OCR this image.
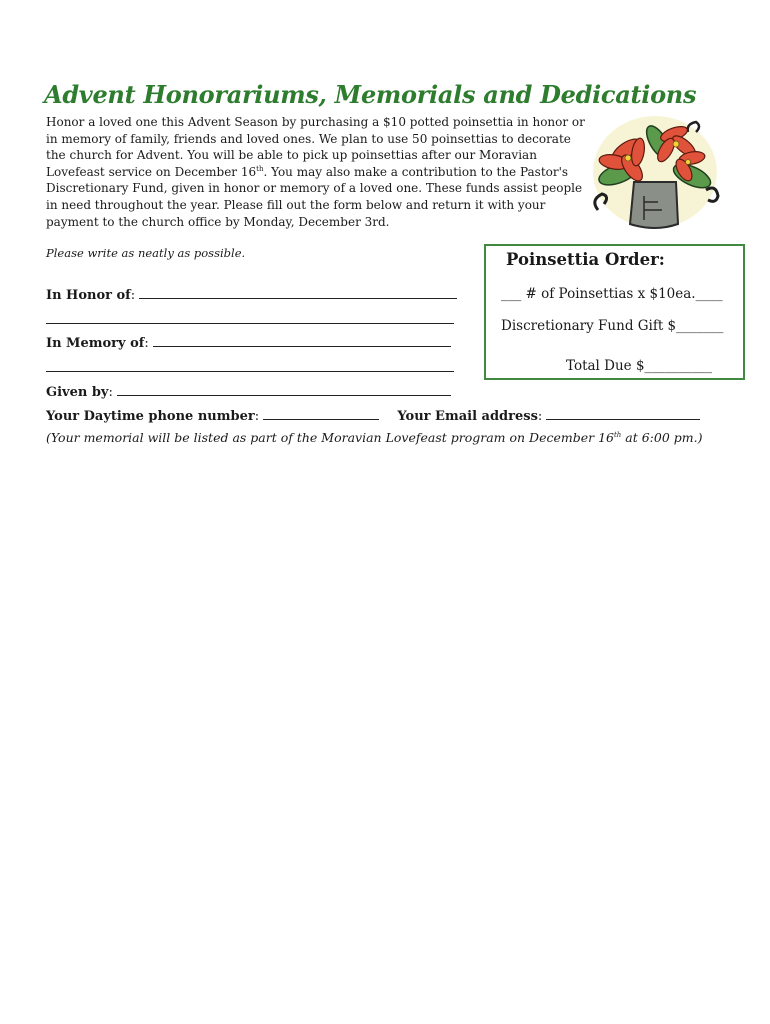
Advent Honorariums, Memorials and Dedications

Honor a loved one this Advent Season by purchasing a $10 potted poinsettia in honor or in memory of family, friends and loved ones. We plan to use 50 poinsettias to decorate the church for Advent. You will be able to pick up poinsettias after our Moravian Lovefeast service on December 16th. You may also make a contribution to the Pastor's Discretionary Fund, given in honor or memory of a loved one. These funds assist people in need throughout the year. Please fill out the form below and return it with your payment to the church office by Monday, December 3rd.

Please write as neatly as possible.
In Honor of:
In Memory of:
Given by:
Your Daytime phone number:	Your Email address:
Poinsettia Order:
___ # of Poinsettias x $10ea.____
Discretionary Fund Gift $_______
Total Due $__________
(Your memorial will be listed as part of the Moravian Lovefeast program on December 16th at 6:00 pm.)
